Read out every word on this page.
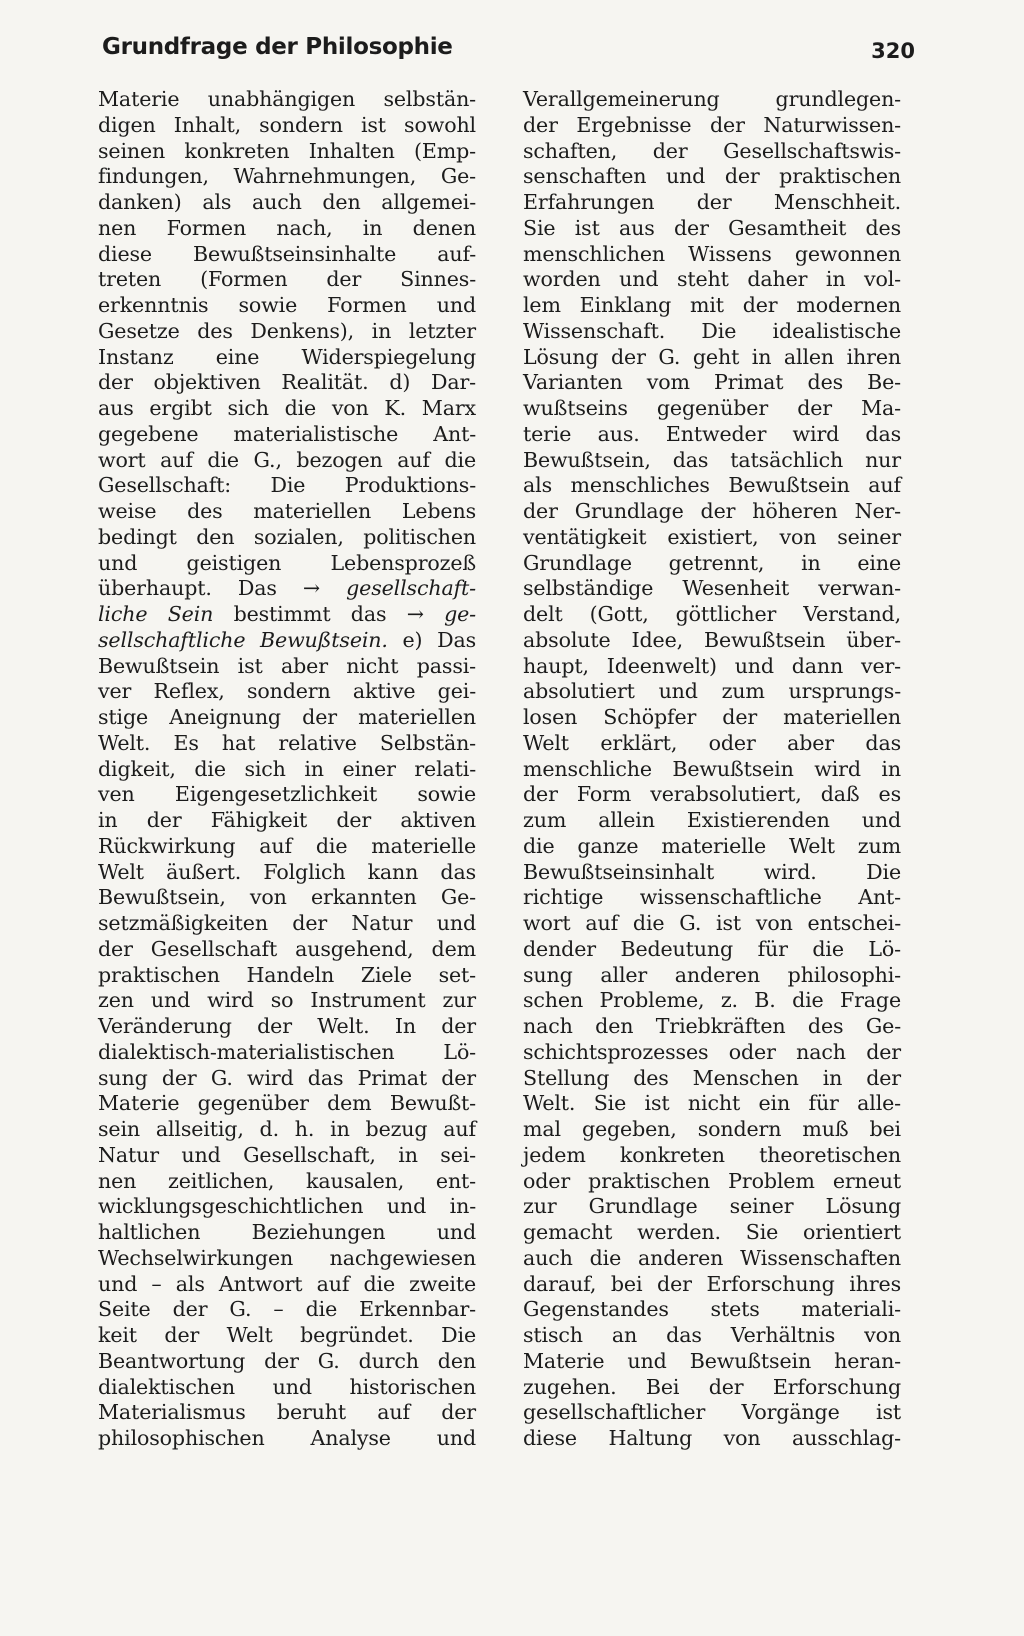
Grundfrage der Philosophie	320
Materie unabhängigen selbstän-
digen Inhalt, sondern ist sowohl
seinen konkreten Inhalten (Emp-
findungen, Wahrnehmungen, Ge-
danken) als auch den allgemei-
nen Formen nach, in denen
diese Bewußtseinsinhalte auf-
treten (Formen der Sinnes-
erkenntnis sowie Formen und
Gesetze des Denkens), in letzter
Instanz eine Widerspiegelung
der objektiven Realität. d) Dar-
aus ergibt sich die von K. Marx
gegebene materialistische Ant-
wort auf die G., bezogen auf die
Gesellschaft: Die Produktions-
weise des materiellen Lebens
bedingt den sozialen, politischen
und geistigen Lebensprozeß
überhaupt. Das → gesellschaft-
liche Sein bestimmt das → ge-
sellschaftliche Bewußtsein. e) Das
Bewußtsein ist aber nicht passi-
ver Reflex, sondern aktive gei-
stige Aneignung der materiellen
Welt. Es hat relative Selbstän-
digkeit, die sich in einer relati-
ven Eigengesetzlichkeit sowie
in der Fähigkeit der aktiven
Rückwirkung auf die materielle
Welt äußert. Folglich kann das
Bewußtsein, von erkannten Ge-
setzmäßigkeiten der Natur und
der Gesellschaft ausgehend, dem
praktischen Handeln Ziele set-
zen und wird so Instrument zur
Veränderung der Welt. In der
dialektisch-materialistischen Lö-
sung der G. wird das Primat der
Materie gegenüber dem Bewußt-
sein allseitig, d. h. in bezug auf
Natur und Gesellschaft, in sei-
nen zeitlichen, kausalen, ent-
wicklungsgeschichtlichen und in-
haltlichen Beziehungen und
Wechselwirkungen nachgewiesen
und – als Antwort auf die zweite
Seite der G. – die Erkennbar-
keit der Welt begründet. Die
Beantwortung der G. durch den
dialektischen und historischen
Materialismus beruht auf der
philosophischen Analyse und
Verallgemeinerung grundlegen-
der Ergebnisse der Naturwissen-
schaften, der Gesellschaftswis-
senschaften und der praktischen
Erfahrungen der Menschheit.
Sie ist aus der Gesamtheit des
menschlichen Wissens gewonnen
worden und steht daher in vol-
lem Einklang mit der modernen
Wissenschaft. Die idealistische
Lösung der G. geht in allen ihren
Varianten vom Primat des Be-
wußtseins gegenüber der Ma-
terie aus. Entweder wird das
Bewußtsein, das tatsächlich nur
als menschliches Bewußtsein auf
der Grundlage der höheren Ner-
ventätigkeit existiert, von seiner
Grundlage getrennt, in eine
selbständige Wesenheit verwan-
delt (Gott, göttlicher Verstand,
absolute Idee, Bewußtsein über-
haupt, Ideenwelt) und dann ver-
absolutiert und zum ursprungs-
losen Schöpfer der materiellen
Welt erklärt, oder aber das
menschliche Bewußtsein wird in
der Form verabsolutiert, daß es
zum allein Existierenden und
die ganze materielle Welt zum
Bewußtseinsinhalt wird. Die
richtige wissenschaftliche Ant-
wort auf die G. ist von entschei-
dender Bedeutung für die Lö-
sung aller anderen philosophi-
schen Probleme, z. B. die Frage
nach den Triebkräften des Ge-
schichtsprozesses oder nach der
Stellung des Menschen in der
Welt. Sie ist nicht ein für alle-
mal gegeben, sondern muß bei
jedem konkreten theoretischen
oder praktischen Problem erneut
zur Grundlage seiner Lösung
gemacht werden. Sie orientiert
auch die anderen Wissenschaften
darauf, bei der Erforschung ihres
Gegenstandes stets materiali-
stisch an das Verhältnis von
Materie und Bewußtsein heran-
zugehen. Bei der Erforschung
gesellschaftlicher Vorgänge ist
diese Haltung von ausschlag-
